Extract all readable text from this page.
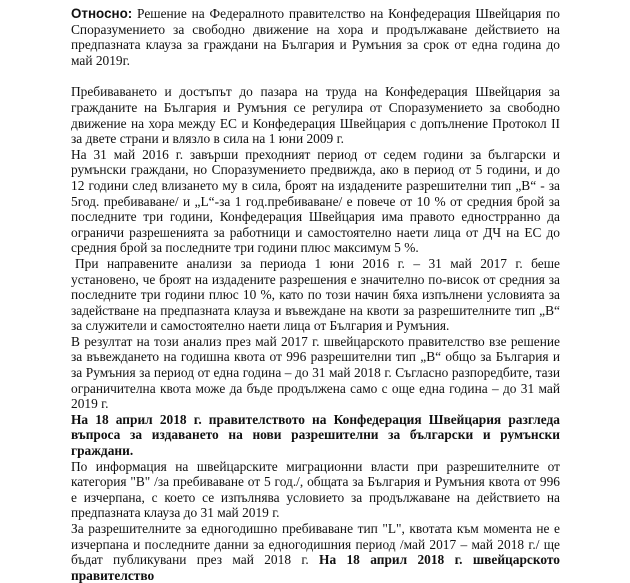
Относно: Решение на Федералното правителство на Конфедерация Швейцария по Споразумението за свободно движение на хора и продължаване действието на предпазната клауза за граждани на България и Румъния за срок от една година до май 2019г.

Пребиваването и достъпът до пазара на труда на Конфедерация Швейцария за гражданите на България и Румъния се регулира от Споразумението за свободно движение на хора между ЕС и Конфедерация Швейцария с допълнение Протокол II за двете страни и влязло в сила на 1 юни 2009 г.

На 31 май 2016 г. завърши преходният период от седем години за български и румънски граждани, но Споразумението предвижда, ако в период от 5 години, и до 12 години след влизането му в сила, броят на издадените разрешителни тип „В“ - за 5год. пребиваване/ и „L“-за 1 год.пребиваване/ е повече от 10 % от средния брой за последните три години, Конфедерация Швейцария има правото еднострранно да ограничи разрешенията за работници и самостоятелно наети лица от ДЧ на ЕС до средния брой за последните три години плюс максимум 5 %.

При направените анализи за периода 1 юни 2016 г. – 31 май 2017 г. беше установено, че броят на издадените разрешения е значително по-висок от средния за последните три години плюс 10 %, като по този начин бяха изпълнени условията за задействане на предпазната клауза и въвеждане на квоти за разрешителните тип „В“ за служители и самостоятелно наети лица от България и Румъния.

В резултат на този анализ през май 2017 г. швейцарското правителство взе решение за въвеждането на годишна квота от 996 разрешителни тип „В“ общо за България и за Румъния за период от една година – до 31 май 2018 г. Съгласно разпоредбите, тази ограничителна квота може да бъде продължена само с още една година – до 31 май 2019 г.

На 18 април 2018 г. правителството на Конфедерация Швейцария разгледа въпроса за издаването на нови разрешителни за български и румънски граждани.

По информация на швейцарските миграционни власти при разрешителните от категория "В" /за пребиваване от 5 год./, общата за България и Румъния квота от 996 е изчерпана, с което се изпълнява условието за продължаване на действието на предпазната клауза до 31 май 2019 г.

За разрешителните за едногодишно пребиваване тип "L", квотата към момента не е изчерпана и последните данни за едногодишния период /май 2017 – май 2018 г./ ще бъдат публикувани през май 2018 г. На 18 април 2018 г. швейцарското правителство
